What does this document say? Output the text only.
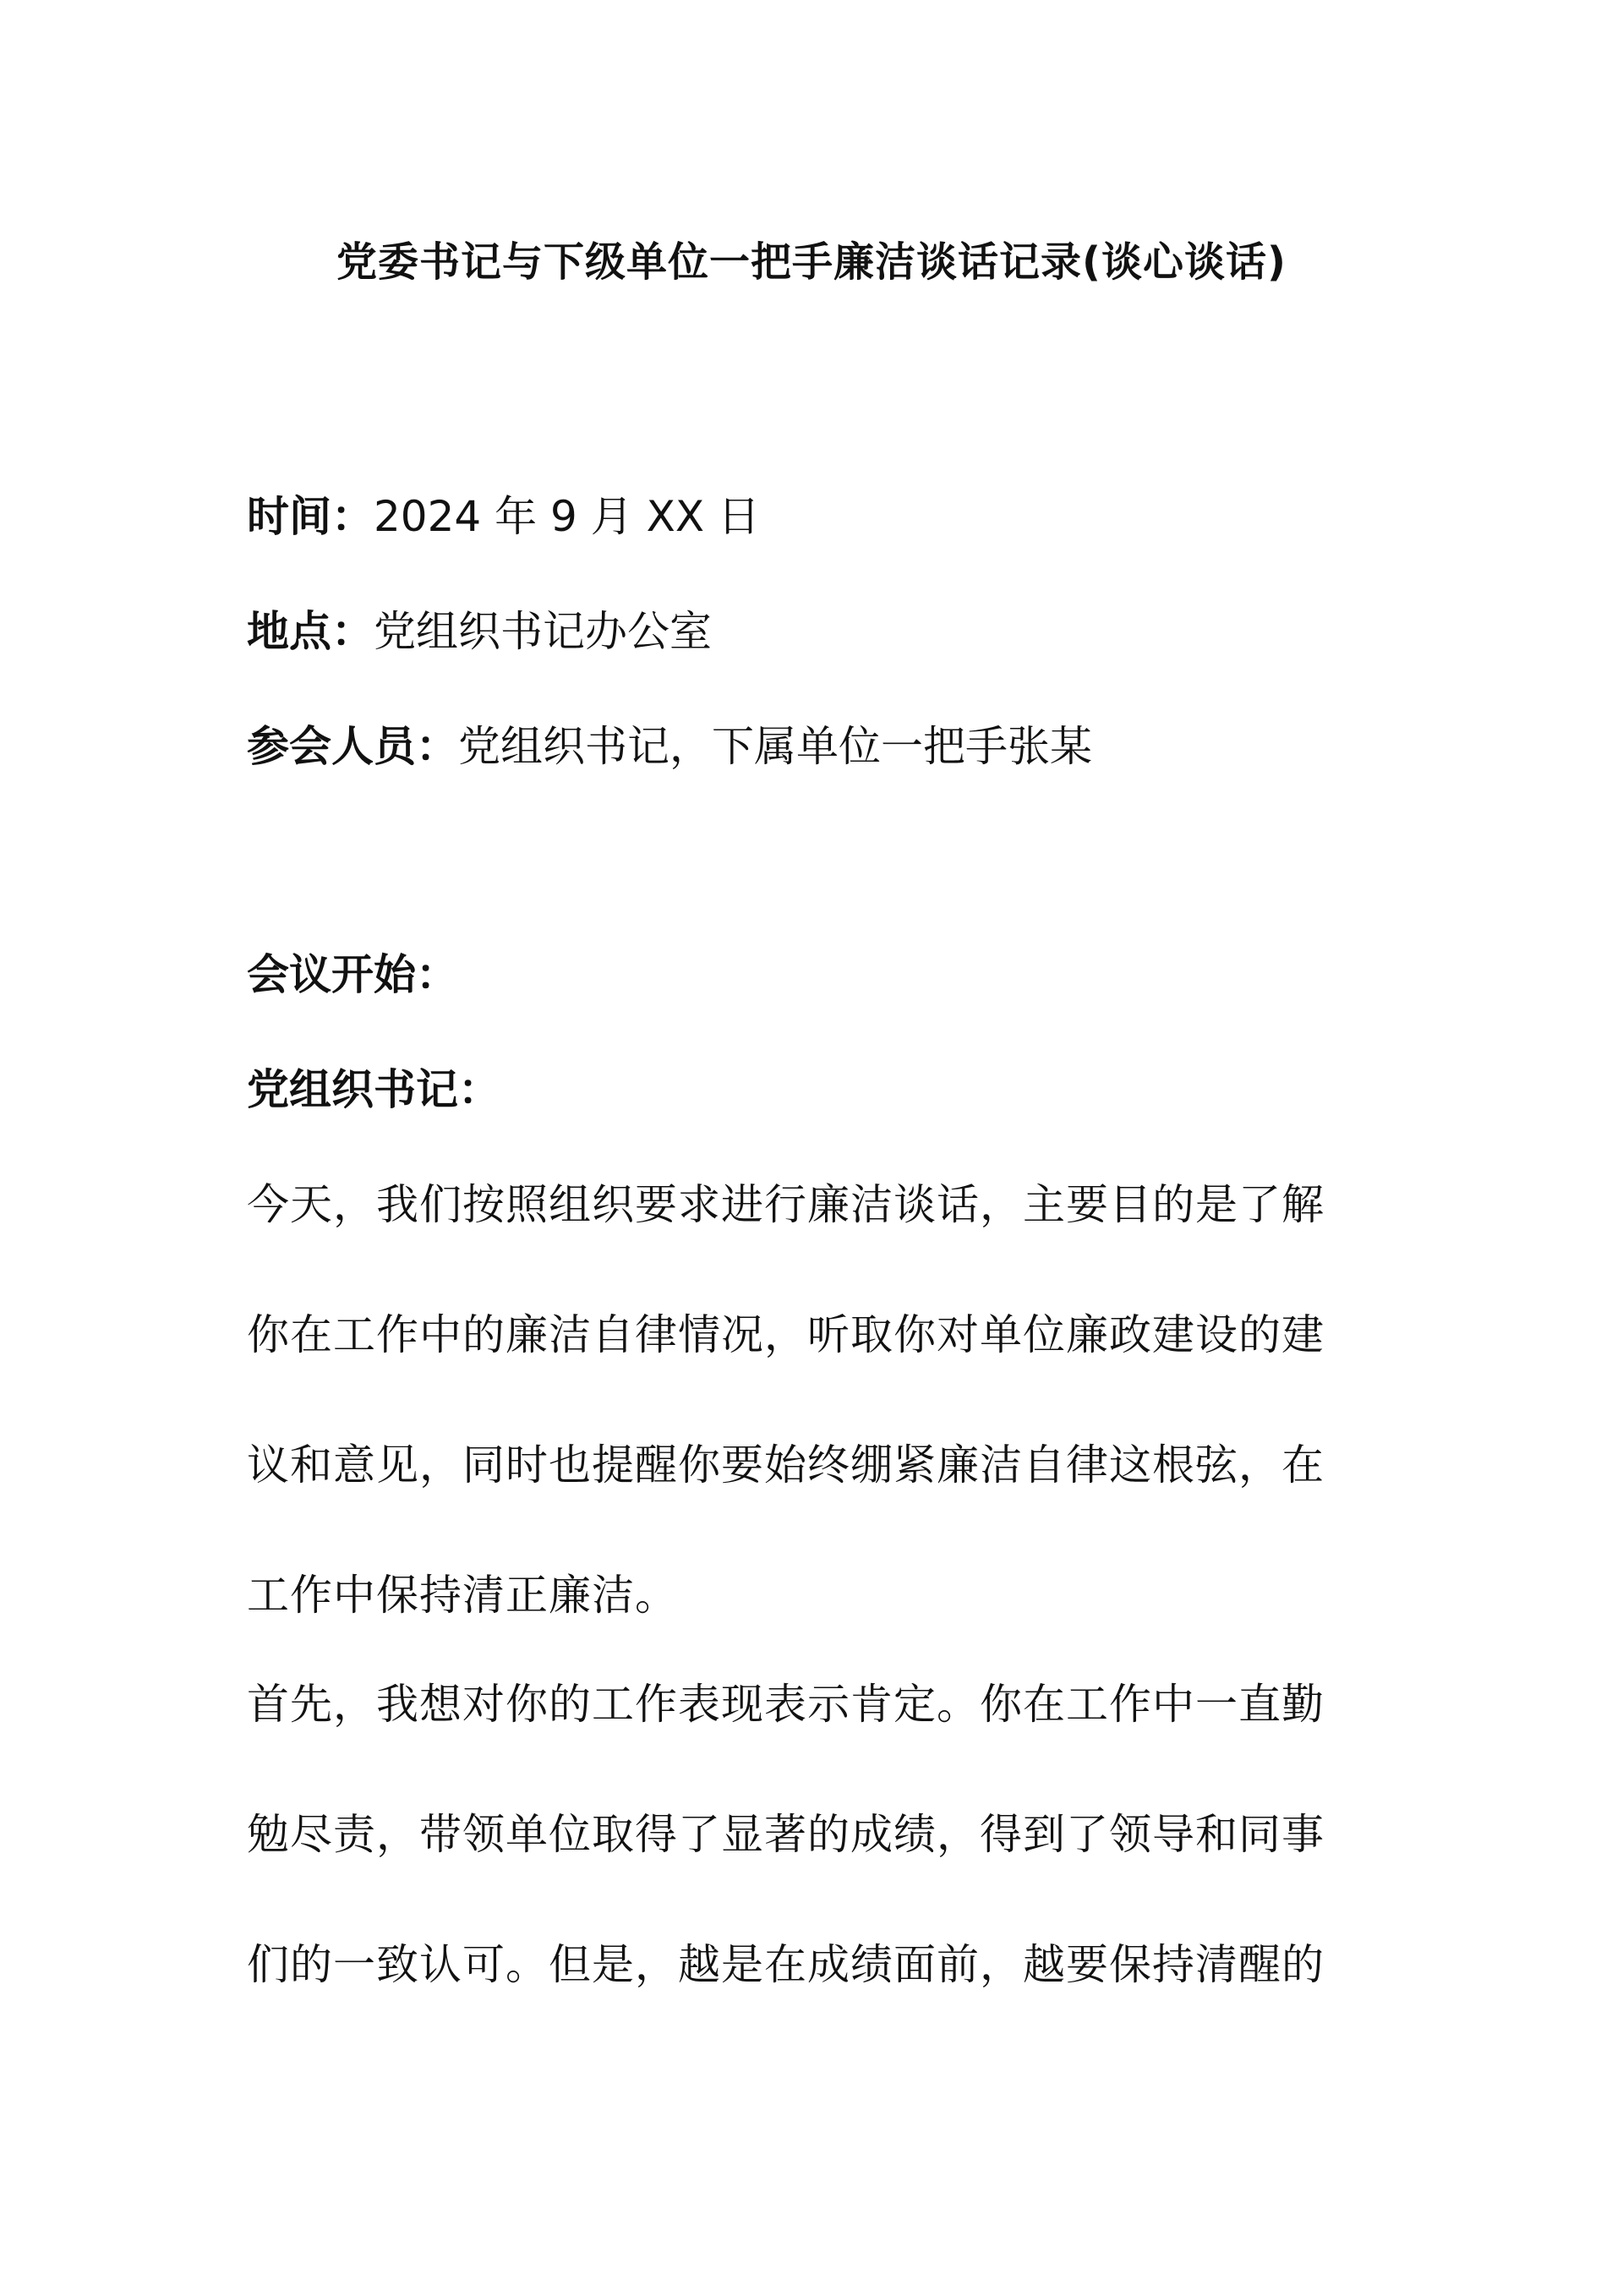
党委书记与下级单位一把手廉洁谈话记录(谈心谈话)
时间：2024 年 9 月 XX 日
地点：党组织书记办公室
参会人员：党组织书记，下属单位一把手张某
会议开始：
党组织书记：
今天，我们按照组织要求进行廉洁谈话，主要目的是了解
你在工作中的廉洁自律情况，听取你对单位廉政建设的建
议和意见，同时也提醒你要始终绷紧廉洁自律这根弦，在
工作中保持清正廉洁。
首先，我想对你的工作表现表示肯定。你在工作中一直勤
勉尽责，带领单位取得了显著的成绩，得到了领导和同事
们的一致认可。但是，越是在成绩面前，越要保持清醒的
